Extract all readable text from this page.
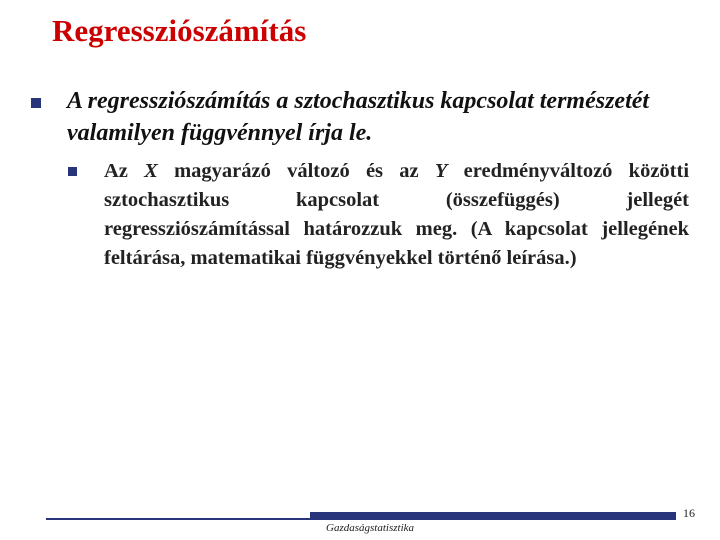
Regressziószámítás

A regressziószámítás a sztochasztikus kapcsolat természetét valamilyen függvénnyel írja le.

Az X magyarázó változó és az Y eredményváltozó közötti sztochasztikus kapcsolat (összefüggés) jellegét regressziószámítással határozzuk meg. (A kapcsolat jellegének feltárása, matematikai függvényekkel történő leírása.)

16
Gazdaságstatisztika
